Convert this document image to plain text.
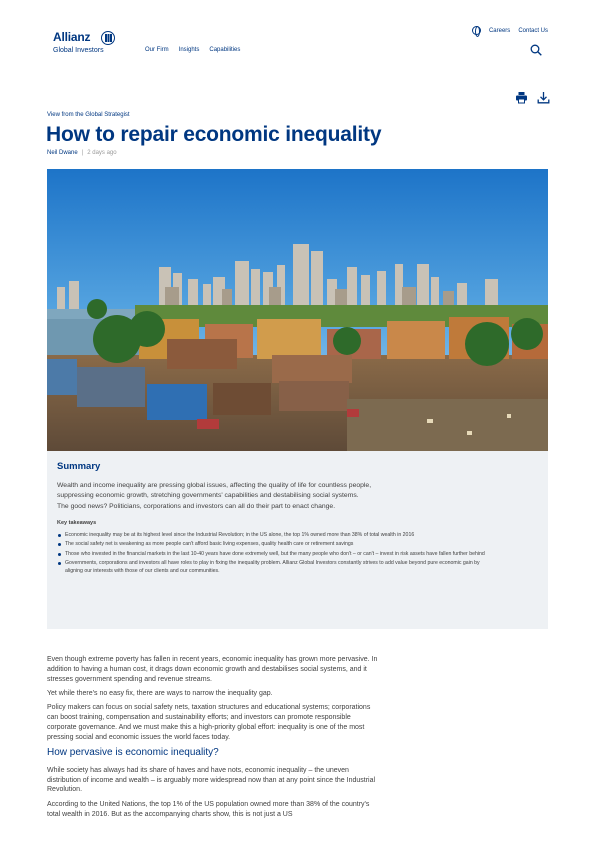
Allianz
Global Investors	Our Firm Insights Capabilities
Careers Contact Us
View from the Global Strategist
How to repair economic inequality
Neil Dwane | 2 days ago
Summary

Wealth and income inequality are pressing global issues, affecting the quality of life for countless people, suppressing economic growth, stretching governments' capabilities and destabilising social systems. The good news? Politicians, corporations and investors can all do their part to enact change.

Key takeaways
Economic inequality may be at its highest level since the Industrial Revolution; in the US alone, the top 1% owned more than 38% of total wealth in 2016
The social safety net is weakening as more people can't afford basic living expenses, quality health care or retirement savings
Those who invested in the financial markets in the last 10-40 years have done extremely well, but the many people who don't – or can't – invest in risk assets have fallen further behind
Governments, corporations and investors all have roles to play in fixing the inequality problem. Allianz Global Investors constantly strives to add value beyond pure economic gain by aligning our interests with those of our clients and our communities.

Even though extreme poverty has fallen in recent years, economic inequality has grown more pervasive. In addition to having a human cost, it drags down economic growth and destabilises social systems, and it stresses government spending and revenue streams.

Yet while there's no easy fix, there are ways to narrow the inequality gap.

Policy makers can focus on social safety nets, taxation structures and educational systems; corporations can boost training, compensation and sustainability efforts; and investors can promote responsible corporate governance. And we must make this a high-priority global effort: inequality is one of the most pressing social and economic issues the world faces today.

How pervasive is economic inequality?

While society has always had its share of haves and have nots, economic inequality – the uneven distribution of income and wealth – is arguably more widespread now than at any point since the Industrial Revolution.

According to the United Nations, the top 1% of the US population owned more than 38% of the country's total wealth in 2016. But as the accompanying charts show, this is not just a US
